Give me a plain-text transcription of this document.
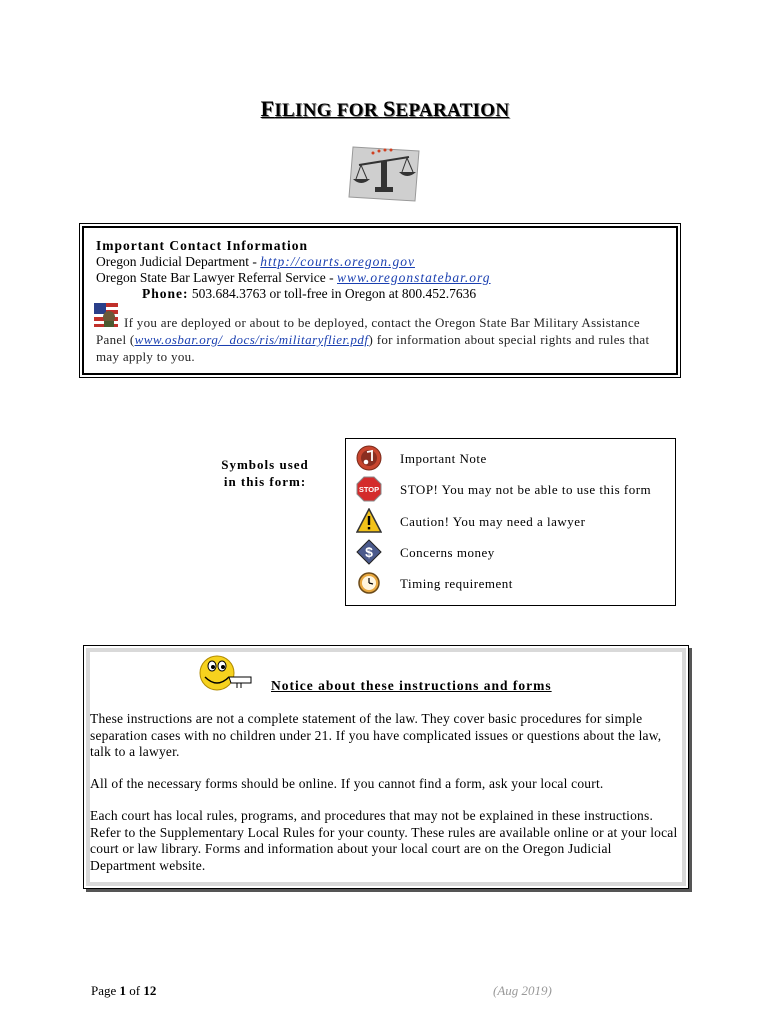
FILING FOR SEPARATION
Important Contact Information
Oregon Judicial Department - http://courts.oregon.gov
Oregon State Bar Lawyer Referral Service - www.oregonstatebar.org
Phone: 503.684.3763 or toll-free in Oregon at 800.452.7636
If you are deployed or about to be deployed, contact the Oregon State Bar Military Assistance Panel (www.osbar.org/_docs/ris/militaryflier.pdf) for information about special rights and rules that may apply to you.
Symbols used
in this form:
Important Note
STOP STOP! You may not be able to use this form
Caution! You may need a lawyer
$ Concerns money
Timing requirement
Notice about these instructions and forms
These instructions are not a complete statement of the law. They cover basic procedures for simple separation cases with no children under 21. If you have complicated issues or questions about the law, talk to a lawyer.
All of the necessary forms should be online. If you cannot find a form, ask your local court.
Each court has local rules, programs, and procedures that may not be explained in these instructions. Refer to the Supplementary Local Rules for your county. These rules are available online or at your local court or law library. Forms and information about your local court are on the Oregon Judicial Department website.
Page 1 of 12	(Aug 2019)
